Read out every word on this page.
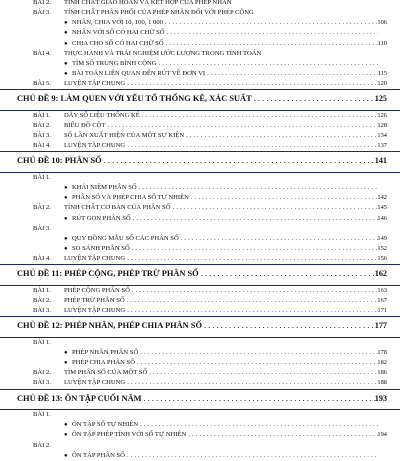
BÀI 2. TÍNH CHẤT GIAO HOÁN VÀ KẾT HỢP CỦA PHÉP NHÂN
BÀI 3. TÍNH CHẤT PHÂN PHỐI CỦA PHÉP NHÂN ĐỐI VỚI PHÉP CỘNG
● NHÂN, CHIA VỚI 10, 100, 1 000 . . .	106
● NHÂN VỚI SỐ CÓ HAI CHỮ SỐ . . .
● CHIA CHO SỐ CÓ HAI CHỮ SỐ . . .	110
BÀI 4. THỰC HÀNH VÀ TRẢI NGHIỆM ƯỚC LƯỢNG TRONG TÍNH TOÁN
● TÌM SỐ TRUNG BÌNH CỘNG . . .
● BÀI TOÁN LIÊN QUAN ĐẾN RÚT VỀ ĐƠN VỊ . . .	115
BÀI 5. LUYỆN TẬP CHUNG . . .	120
CHỦ ĐỀ 9: LÀM QUEN VỚI YẾU TỐ THỐNG KÊ, XÁC SUẤT . . .	125
BÀI 1. DÃY SỐ LIỆU THỐNG KÊ . . .	126
BÀI 2. BIỂU ĐỒ CỘT . . .	128
BÀI 3. SỐ LẦN XUẤT HIỆN CỦA MỘT SỰ KIỆN . . .	134
BÀI 4. LUYỆN TẬP CHUNG . . .	137
CHỦ ĐỀ 10: PHÂN SỐ . . .	141
BÀI 1.
● KHÁI NIỆM PHÂN SỐ . . .
● PHÂN SỐ VÀ PHÉP CHIA SỐ TỰ NHIÊN . . .	142
BÀI 2. TÍNH CHẤT CƠ BẢN CỦA PHÂN SỐ . . .	145
● RÚT GỌN PHÂN SỐ . . .	146
BÀI 3.
● QUY ĐỒNG MẪU SỐ CÁC PHÂN SỐ . . .	149
● SO SÁNH PHÂN SỐ . . .	152
BÀI 4. LUYỆN TẬP CHUNG . . .	156
CHỦ ĐỀ 11: PHÉP CỘNG, PHÉP TRỪ PHÂN SỐ . . .	162
BÀI 1. PHÉP CỘNG PHÂN SỐ . . .	163
BÀI 2. PHÉP TRỪ PHÂN SỐ . . .	167
BÀI 3. LUYỆN TẬP CHUNG . . .	171
CHỦ ĐỀ 12: PHÉP NHÂN, PHÉP CHIA PHÂN SỐ . . .	177
BÀI 1.
● PHÉP NHÂN PHÂN SỐ . . .	178
● PHÉP CHIA PHÂN SỐ . . .	182
BÀI 2. TÌM PHÂN SỐ CỦA MỘT SỐ . . .	186
BÀI 3. LUYỆN TẬP CHUNG . . .	188
CHỦ ĐỀ 13: ÔN TẬP CUỐI NĂM . . .	193
BÀI 1.
● ÔN TẬP SỐ TỰ NHIÊN . . .
● ÔN TẬP PHÉP TÍNH VỚI SỐ TỰ NHIÊN . . .	194
BÀI 2.
● ÔN TẬP PHÂN SỐ . . .
